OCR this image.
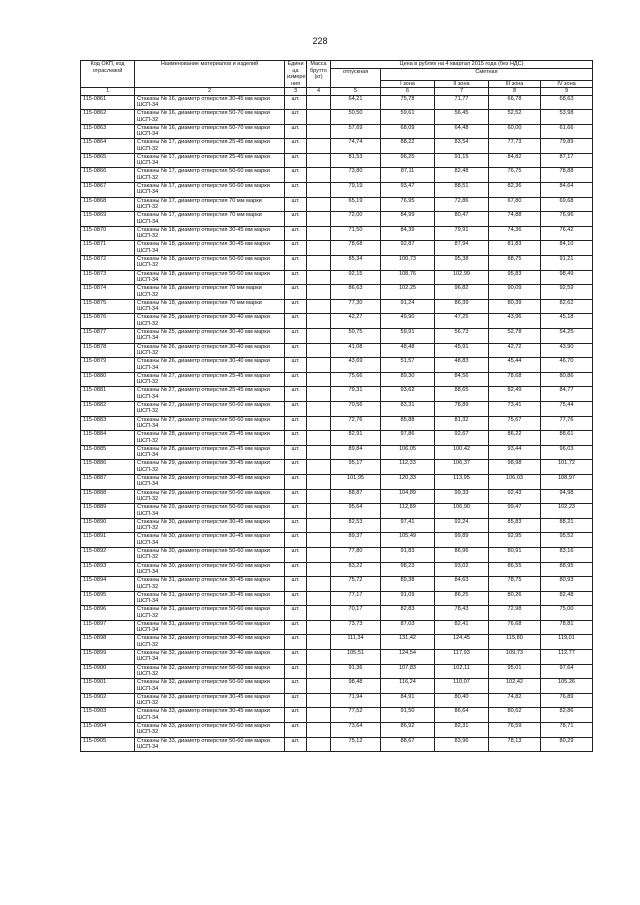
228
Код ОКП, код отраслевой	Наименование материалов и изделий	Едини ца измере ния	Масса брутто (кг)	Цена в рублях на 4 квартал 2015 года (без НДС)				
				отпускная	Сметная			
					I зона	II зона	III зона	IV зона
1	2	3	4	5	6	7	8	9
115-0861	Стаканы № 16, диаметр отверстия 30-45 мм марки ШСП-34	шт.		64,21	75,78	71,77	66,78	68,63
115-0862	Стаканы № 16, диаметр отверстия 50-70 мм марки ШСП-32	шт.		50,50	59,61	56,45	52,52	53,98
115-0863	Стаканы № 16, диаметр отверстия 50-70 мм марки ШСП-34	шт.		57,69	68,09	64,48	60,00	61,66
115-0864	Стаканы № 17, диаметр отверстия 25-45 мм марки ШСП-32	шт.		74,74	88,22	83,54	77,73	79,89
115-0865	Стаканы № 17, диаметр отверстия 25-45 мм марки ШСП-34	шт.		81,53	96,25	91,15	84,82	87,17
115-0866	Стаканы № 17, диаметр отверстия 50-60 мм марки ШСП-32	шт.		73,80	87,11	82,48	76,75	78,88
115-0867	Стаканы № 17, диаметр отверстия 50-60 мм марки ШСП-34	шт.		79,19	93,47	88,51	82,36	84,64
115-0868	Стаканы № 17, диаметр отверстия 70 мм марки ШСП-32	шт.		65,19	76,95	72,86	67,80	69,68
115-0869	Стаканы № 17, диаметр отверстия 70 мм марки ШСП-34	шт.		72,00	84,99	80,47	74,88	76,96
115-0870	Стаканы № 18, диаметр отверстия 30-45 мм марки ШСП-32	шт.		71,50	84,39	79,91	74,36	76,42
115-0871	Стаканы № 18, диаметр отверстия 30-45 мм марки ШСП-34	шт.		78,68	92,87	87,94	81,83	84,10
115-0872	Стаканы № 18, диаметр отверстия 50-60 мм марки ШСП-32	шт.		85,34	100,73	95,38	88,75	91,21
115-0873	Стаканы № 18, диаметр отверстия 50-60 мм марки ШСП-34	шт.		92,15	108,76	102,99	95,83	98,49
115-0874	Стаканы № 18, диаметр отверстия 70 мм марки ШСП-32	шт.		86,63	102,25	96,82	90,09	92,59
115-0875	Стаканы № 18, диаметр отверстия 70 мм марки ШСП-34	шт.		77,30	91,24	86,39	80,39	82,62
115-0876	Стаканы № 25, диаметр отверстия 30-40 мм марки ШСП-32	шт.		42,27	49,90	47,25	43,96	45,18
115-0877	Стаканы № 25, диаметр отверстия 30-40 мм марки ШСП-34	шт.		50,75	59,91	56,73	52,78	54,25
115-0878	Стаканы № 26, диаметр отверстия 30-40 мм марки ШСП-32	шт.		41,08	48,48	45,91	42,72	43,90
115-0879	Стаканы № 26, диаметр отверстия 30-40 мм марки ШСП-34	шт.		43,69	51,57	48,83	45,44	46,70
115-0880	Стаканы № 27, диаметр отверстия 25-45 мм марки ШСП-32	шт.		75,66	89,30	84,56	78,68	80,86
115-0881	Стаканы № 27, диаметр отверстия 25-45 мм марки ШСП-34	шт.		79,31	93,62	88,65	82,49	84,77
115-0882	Стаканы № 27, диаметр отверстия 50-60 мм марки ШСП-32	шт.		70,56	83,31	78,89	73,41	75,44
115-0883	Стаканы № 27, диаметр отверстия 50-60 мм марки ШСП-34	шт.		72,76	85,88	81,32	75,67	77,76
115-0884	Стаканы № 28, диаметр отверстия 25-45 мм марки ШСП-32	шт.		82,91	97,86	92,67	86,22	88,61
115-0885	Стаканы № 28, диаметр отверстия 25-45 мм марки ШСП-34	шт.		89,84	106,05	100,42	93,44	96,03
115-0886	Стаканы № 29, диаметр отверстия 30-45 мм марки ШСП-32	шт.		95,17	112,33	106,37	98,98	101,72
115-0887	Стаканы № 29, диаметр отверстия 30-45 мм марки ШСП-34	шт.		101,95	120,33	113,95	106,03	108,97
115-0888	Стаканы № 29, диаметр отверстия 50-60 мм марки ШСП-32	шт.		88,87	104,89	99,33	92,43	94,98
115-0889	Стаканы № 29, диаметр отверстия 50-60 мм марки ШСП-34	шт.		95,64	112,89	106,90	99,47	102,23
115-0890	Стаканы № 30, диаметр отверстия 30-45 мм марки ШСП-32	шт.		82,53	97,41	92,24	85,83	88,21
115-0891	Стаканы № 30, диаметр отверстия 30-45 мм марки ШСП-34	шт.		89,37	105,49	99,89	92,95	95,52
115-0892	Стаканы № 30, диаметр отверстия 50-60 мм марки ШСП-32	шт.		77,80	91,83	86,96	80,91	83,16
115-0893	Стаканы № 30, диаметр отверстия 50-60 мм марки ШСП-34	шт.		83,22	98,23	93,02	86,55	88,95
115-0894	Стаканы № 31, диаметр отверстия 30-45 мм марки ШСП-32	шт.		75,72	89,38	84,63	78,75	80,93
115-0895	Стаканы № 31, диаметр отверстия 30-45 мм марки ШСП-34	шт.		77,17	91,09	86,25	80,26	82,48
115-0896	Стаканы № 31, диаметр отверстия 50-60 мм марки ШСП-32	шт.		70,17	82,83	78,43	72,98	75,00
115-0897	Стаканы № 31, диаметр отверстия 50-60 мм марки ШСП-34	шт.		73,73	87,03	82,41	76,68	78,81
115-0898	Стаканы № 32, диаметр отверстия 30-40 мм марки ШСП-32	шт.		111,34	131,42	124,45	115,80	119,01
115-0899	Стаканы № 32, диаметр отверстия 30-40 мм марки ШСП-34	шт.		105,51	124,54	117,93	109,73	112,77
115-0900	Стаканы № 32, диаметр отверстия 50-60 мм марки ШСП-32	шт.		91,36	107,83	102,11	95,01	97,64
115-0901	Стаканы № 32, диаметр отверстия 50-60 мм марки ШСП-34	шт.		98,48	116,24	110,07	102,42	105,26
115-0902	Стаканы № 33, диаметр отверстия 30-45 мм марки ШСП-32	шт.		71,94	84,91	80,40	74,82	76,89
115-0903	Стаканы № 33, диаметр отверстия 30-45 мм марки ШСП-34	шт.		77,52	91,50	86,64	80,62	82,86
115-0904	Стаканы № 33, диаметр отверстия 50-60 мм марки ШСП-32	шт.		73,64	86,92	82,31	76,59	78,71
115-0905	Стаканы № 33, диаметр отверстия 50-60 мм марки ШСП-34	шт.		75,12	88,67	83,96	78,13	80,29
